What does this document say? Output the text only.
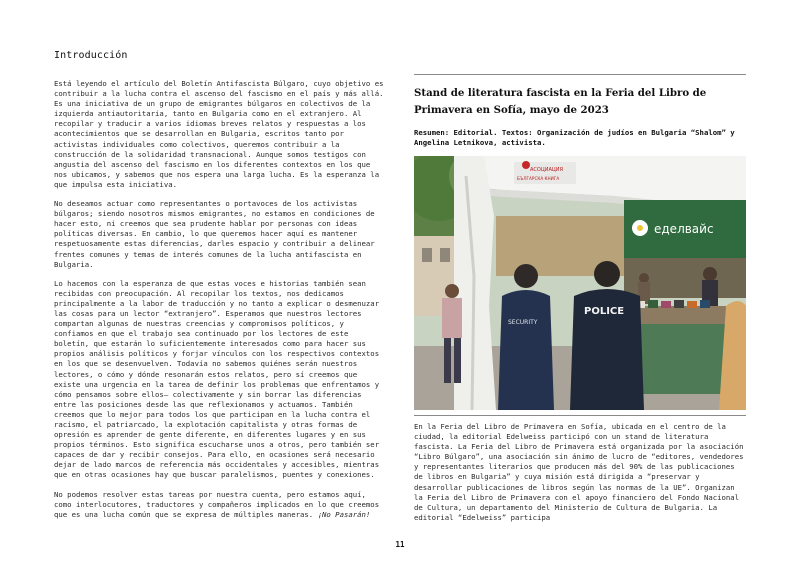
Introducción

Está leyendo el artículo del Boletín Antifascista Búlgaro, cuyo objetivo es contribuir a la lucha contra el ascenso del fascismo en el país y más allá. Es una iniciativa de un grupo de emigrantes búlgaros en colectivos de la izquierda antiautoritaria, tanto en Bulgaria como en el extranjero. Al recopilar y traducir a varios idiomas breves relatos y respuestas a los acontecimientos que se desarrollan en Bulgaria, escritos tanto por activistas individuales como colectivos, queremos contribuir a la construcción de la solidaridad transnacional. Aunque somos testigos con angustia del ascenso del fascismo en los diferentes contextos en los que nos ubicamos, y sabemos que nos espera una larga lucha. Es la esperanza la que impulsa esta iniciativa.

No deseamos actuar como representantes o portavoces de los activistas búlgaros; siendo nosotros mismos emigrantes, no estamos en condiciones de hacer esto, ni creemos que sea prudente hablar por personas con ideas políticas diversas. En cambio, lo que queremos hacer aquí es mantener respetuosamente estas diferencias, darles espacio y contribuir a delinear frentes comunes y temas de interés comunes de la lucha antifascista en Bulgaria.

Lo hacemos con la esperanza de que estas voces e historias también sean recibidas con preocupación. Al recopilar los textos, nos dedicamos principalmente a la labor de traducción y no tanto a explicar o desmenuzar las cosas para un lector “extranjero”. Esperamos que nuestros lectores compartan algunas de nuestras creencias y compromisos políticos, y confiamos en que el trabajo sea continuado por los lectores de este boletín, que estarán lo suficientemente interesados como para hacer sus propios análisis políticos y forjar vínculos con los respectivos contextos en los que se desenvuelven. Todavía no sabemos quiénes serán nuestros lectores, o cómo y dónde resonarán estos relatos, pero sí creemos que existe una urgencia en la tarea de definir los problemas que enfrentamos y cómo pensamos sobre ellos– colectivamente y sin borrar las diferencias entre las posiciones desde las que reflexionamos y actuamos. También creemos que lo mejor para todos los que participan en la lucha contra el racismo, el patriarcado, la explotación capitalista y otras formas de opresión es aprender de gente diferente, en diferentes lugares y en sus propios términos. Esto significa escucharse unos a otros, pero también ser capaces de dar y recibir consejos. Para ello, en ocasiones será necesario dejar de lado marcos de referencia más occidentales y accesibles, mientras que en otras ocasiones hay que buscar paralelismos, puentes y conexiones.

No podemos resolver estas tareas por nuestra cuenta, pero estamos aquí, como interlocutores, traductores y compañeros implicados en lo que creemos que es una lucha común que se expresa de múltiples maneras. ¡No Pasarán!

Stand de literatura fascista en la Feria del Libro de Primavera en Sofía, mayo de 2023

Resumen: Editorial. Textos: Organización de judíos en Bulgaria “Shalom” y Angelina Letnikova, activista.

АСОЦИАЦИЯ
БЪЛГАРСКА КНИГА
еделвайс
SECURITY
POLICE

En la Feria del Libro de Primavera en Sofía, ubicada en el centro de la ciudad, la editorial Edelweiss participó con un stand de literatura fascista. La Feria del Libro de Primavera está organizada por la asociación “Libro Búlgaro”, una asociación sin ánimo de lucro de “editores, vendedores y representantes literarios que producen más del 90% de las publicaciones de libros en Bulgaria” y cuya misión está dirigida a “preservar y desarrollar publicaciones de libros según las normas de la UE”. Organizan la Feria del Libro de Primavera con el apoyo financiero del Fondo Nacional de Cultura, un departamento del Ministerio de Cultura de Bulgaria. La editorial “Edelweiss” participa

11
